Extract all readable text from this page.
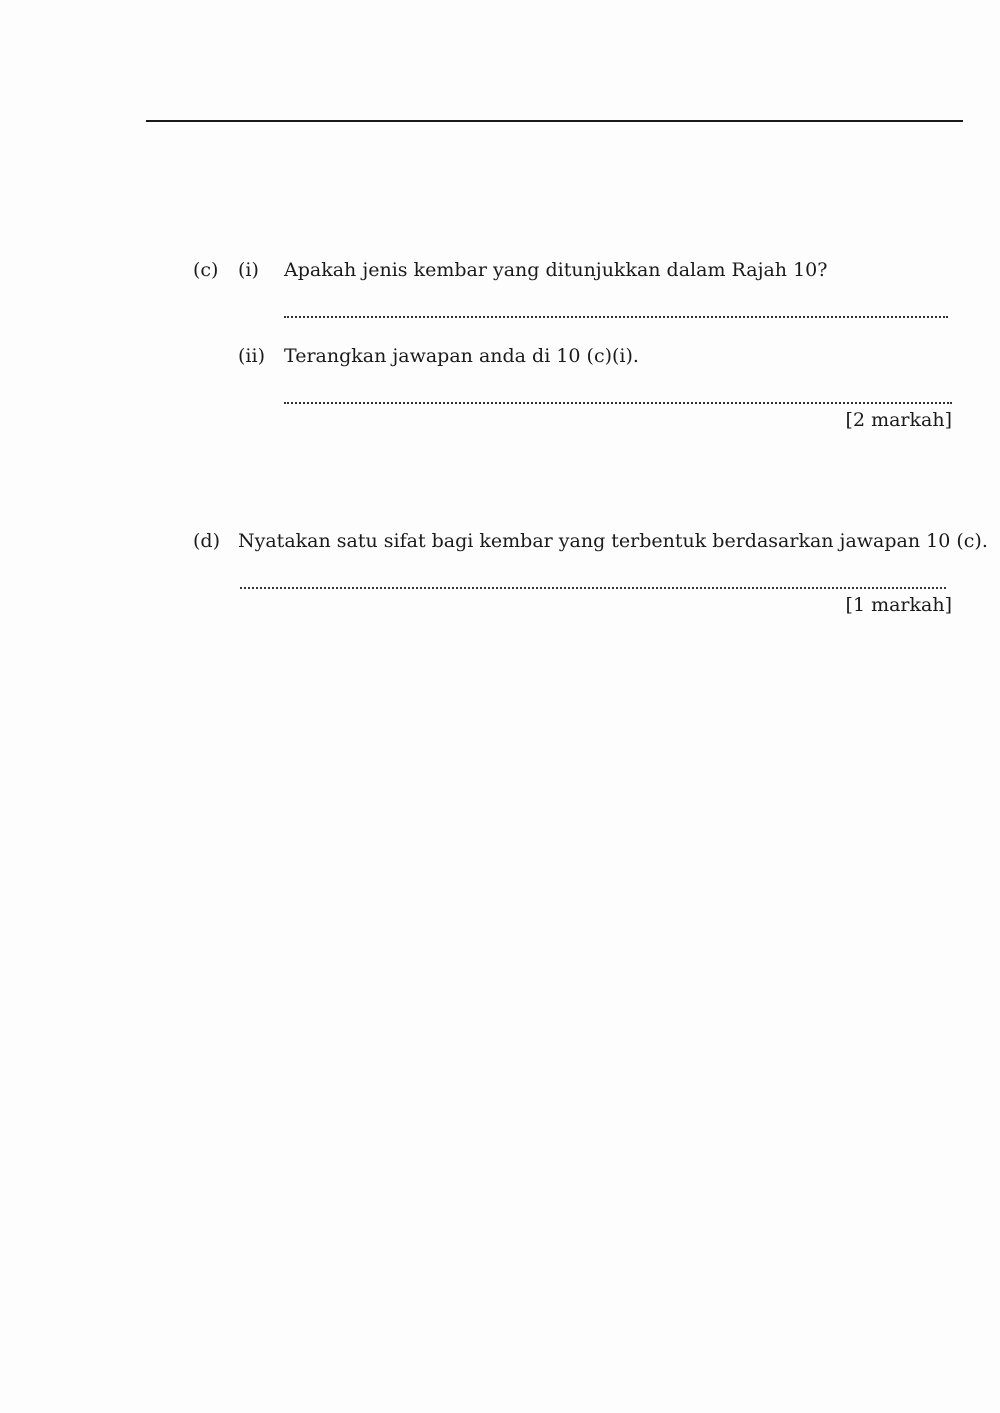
(c) (i) Apakah jenis kembar yang ditunjukkan dalam Rajah 10?
(ii) Terangkan jawapan anda di 10 (c)(i).
[2 markah]
(d) Nyatakan satu sifat bagi kembar yang terbentuk berdasarkan jawapan 10 (c).
[1 markah]
